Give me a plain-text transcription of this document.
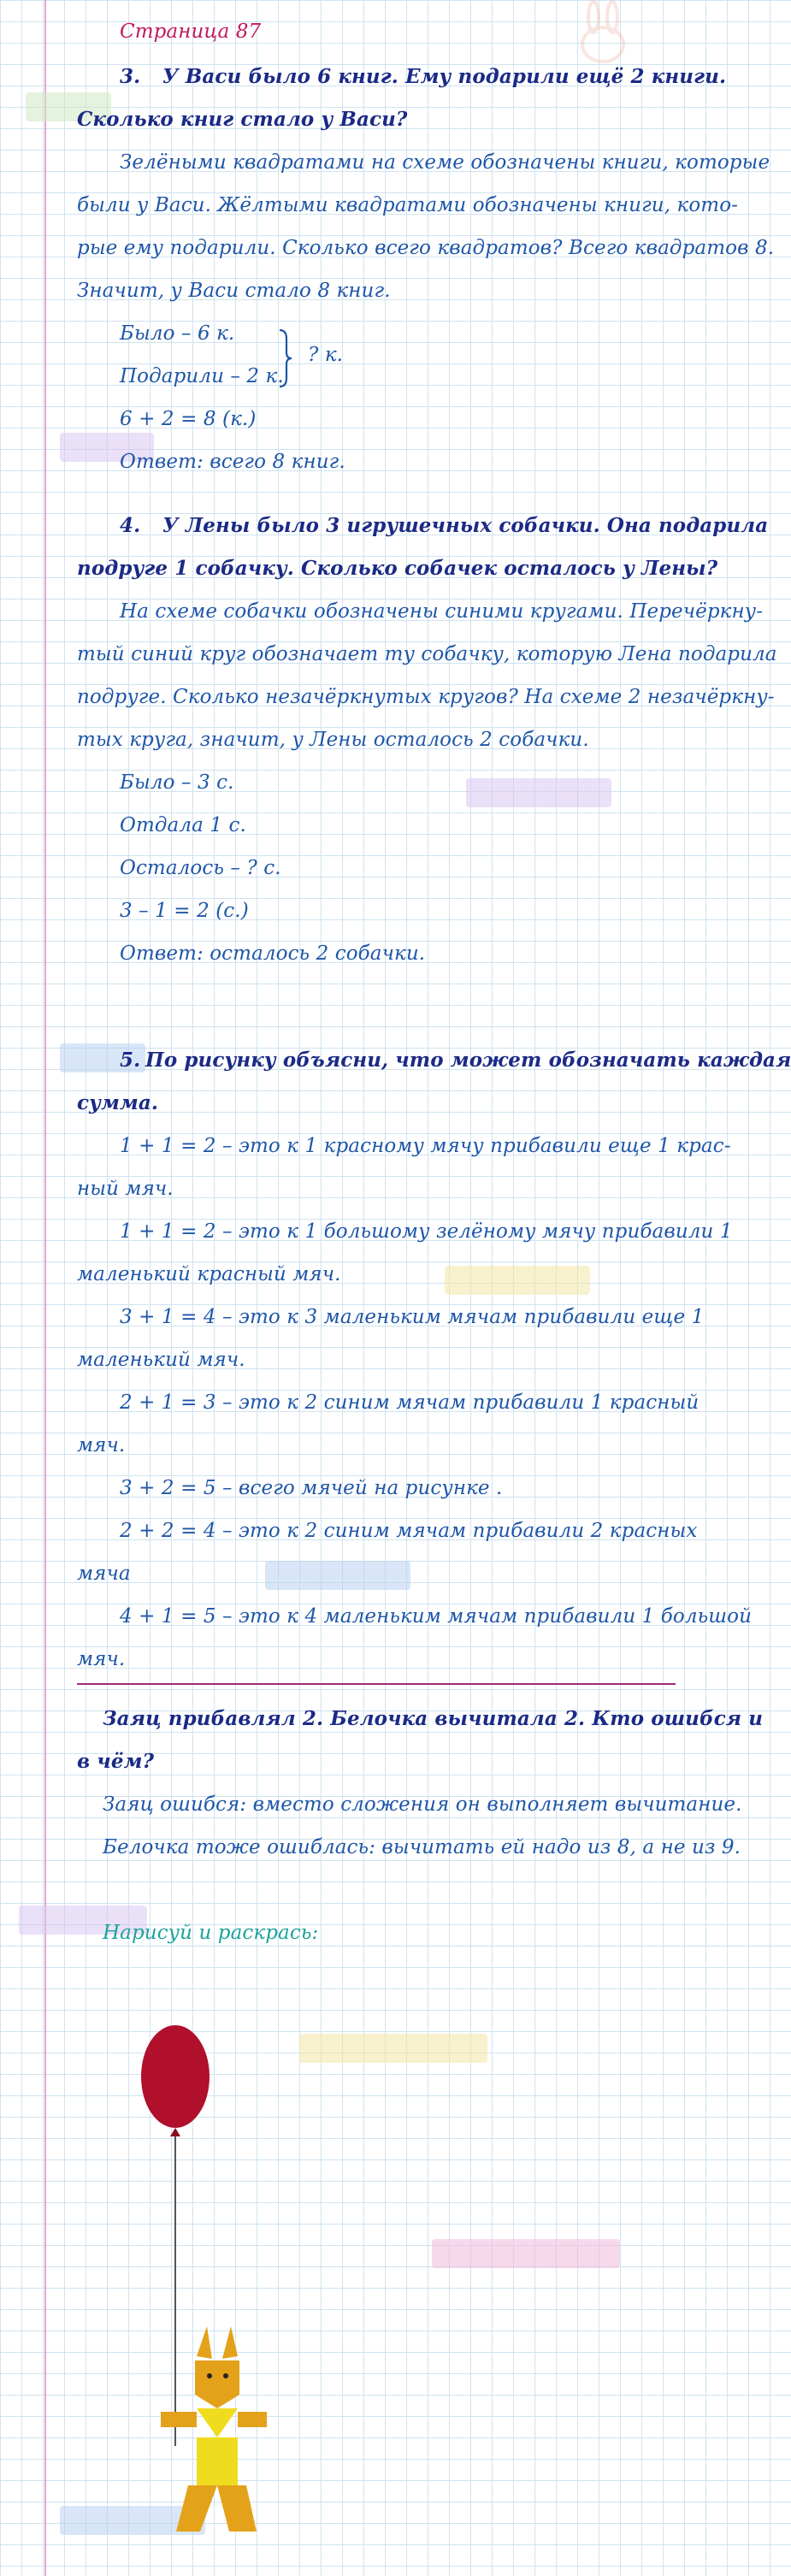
Страница 87
3. У Васи было 6 книг. Ему подарили ещё 2 книги.
Сколько книг стало у Васи?
Зелёными квадратами на схеме обозначены книги, которые
были у Васи. Жёлтыми квадратами обозначены книги, кото-
рые ему подарили. Сколько всего квадратов? Всего квадратов 8.
Значит, у Васи стало 8 книг.
Было – 6 к.
Подарили – 2 к.
? к.
6 + 2 = 8 (к.)
Ответ: всего 8 книг.
4. У Лены было 3 игрушечных собачки. Она подарила
подруге 1 собачку. Сколько собачек осталось у Лены?
На схеме собачки обозначены синими кругами. Перечёркну-
тый синий круг обозначает ту собачку, которую Лена подарила
подруге. Сколько незачёркнутых кругов? На схеме 2 незачёркну-
тых круга, значит, у Лены осталось 2 собачки.
Было – 3 с.
Отдала 1 с.
Осталось – ? с.
3 – 1 = 2 (с.)
Ответ: осталось 2 собачки.
5. По рисунку объясни, что может обозначать каждая
сумма.
1 + 1 = 2 – это к 1 красному мячу прибавили еще 1 крас-
ный мяч.
1 + 1 = 2 – это к 1 большому зелёному мячу прибавили 1
маленький красный мяч.
3 + 1 = 4 – это к 3 маленьким мячам прибавили еще 1
маленький мяч.
2 + 1 = 3 – это к 2 синим мячам прибавили 1 красный
мяч.
3 + 2 = 5 – всего мячей на рисунке .
2 + 2 = 4 – это к 2 синим мячам прибавили 2 красных
мяча
4 + 1 = 5 – это к 4 маленьким мячам прибавили 1 большой
мяч.
Заяц прибавлял 2. Белочка вычитала 2. Кто ошибся и
в чём?
Заяц ошибся: вместо сложения он выполняет вычитание.
Белочка тоже ошиблась: вычитать ей надо из 8, а не из 9.
Нарисуй и раскрась:
